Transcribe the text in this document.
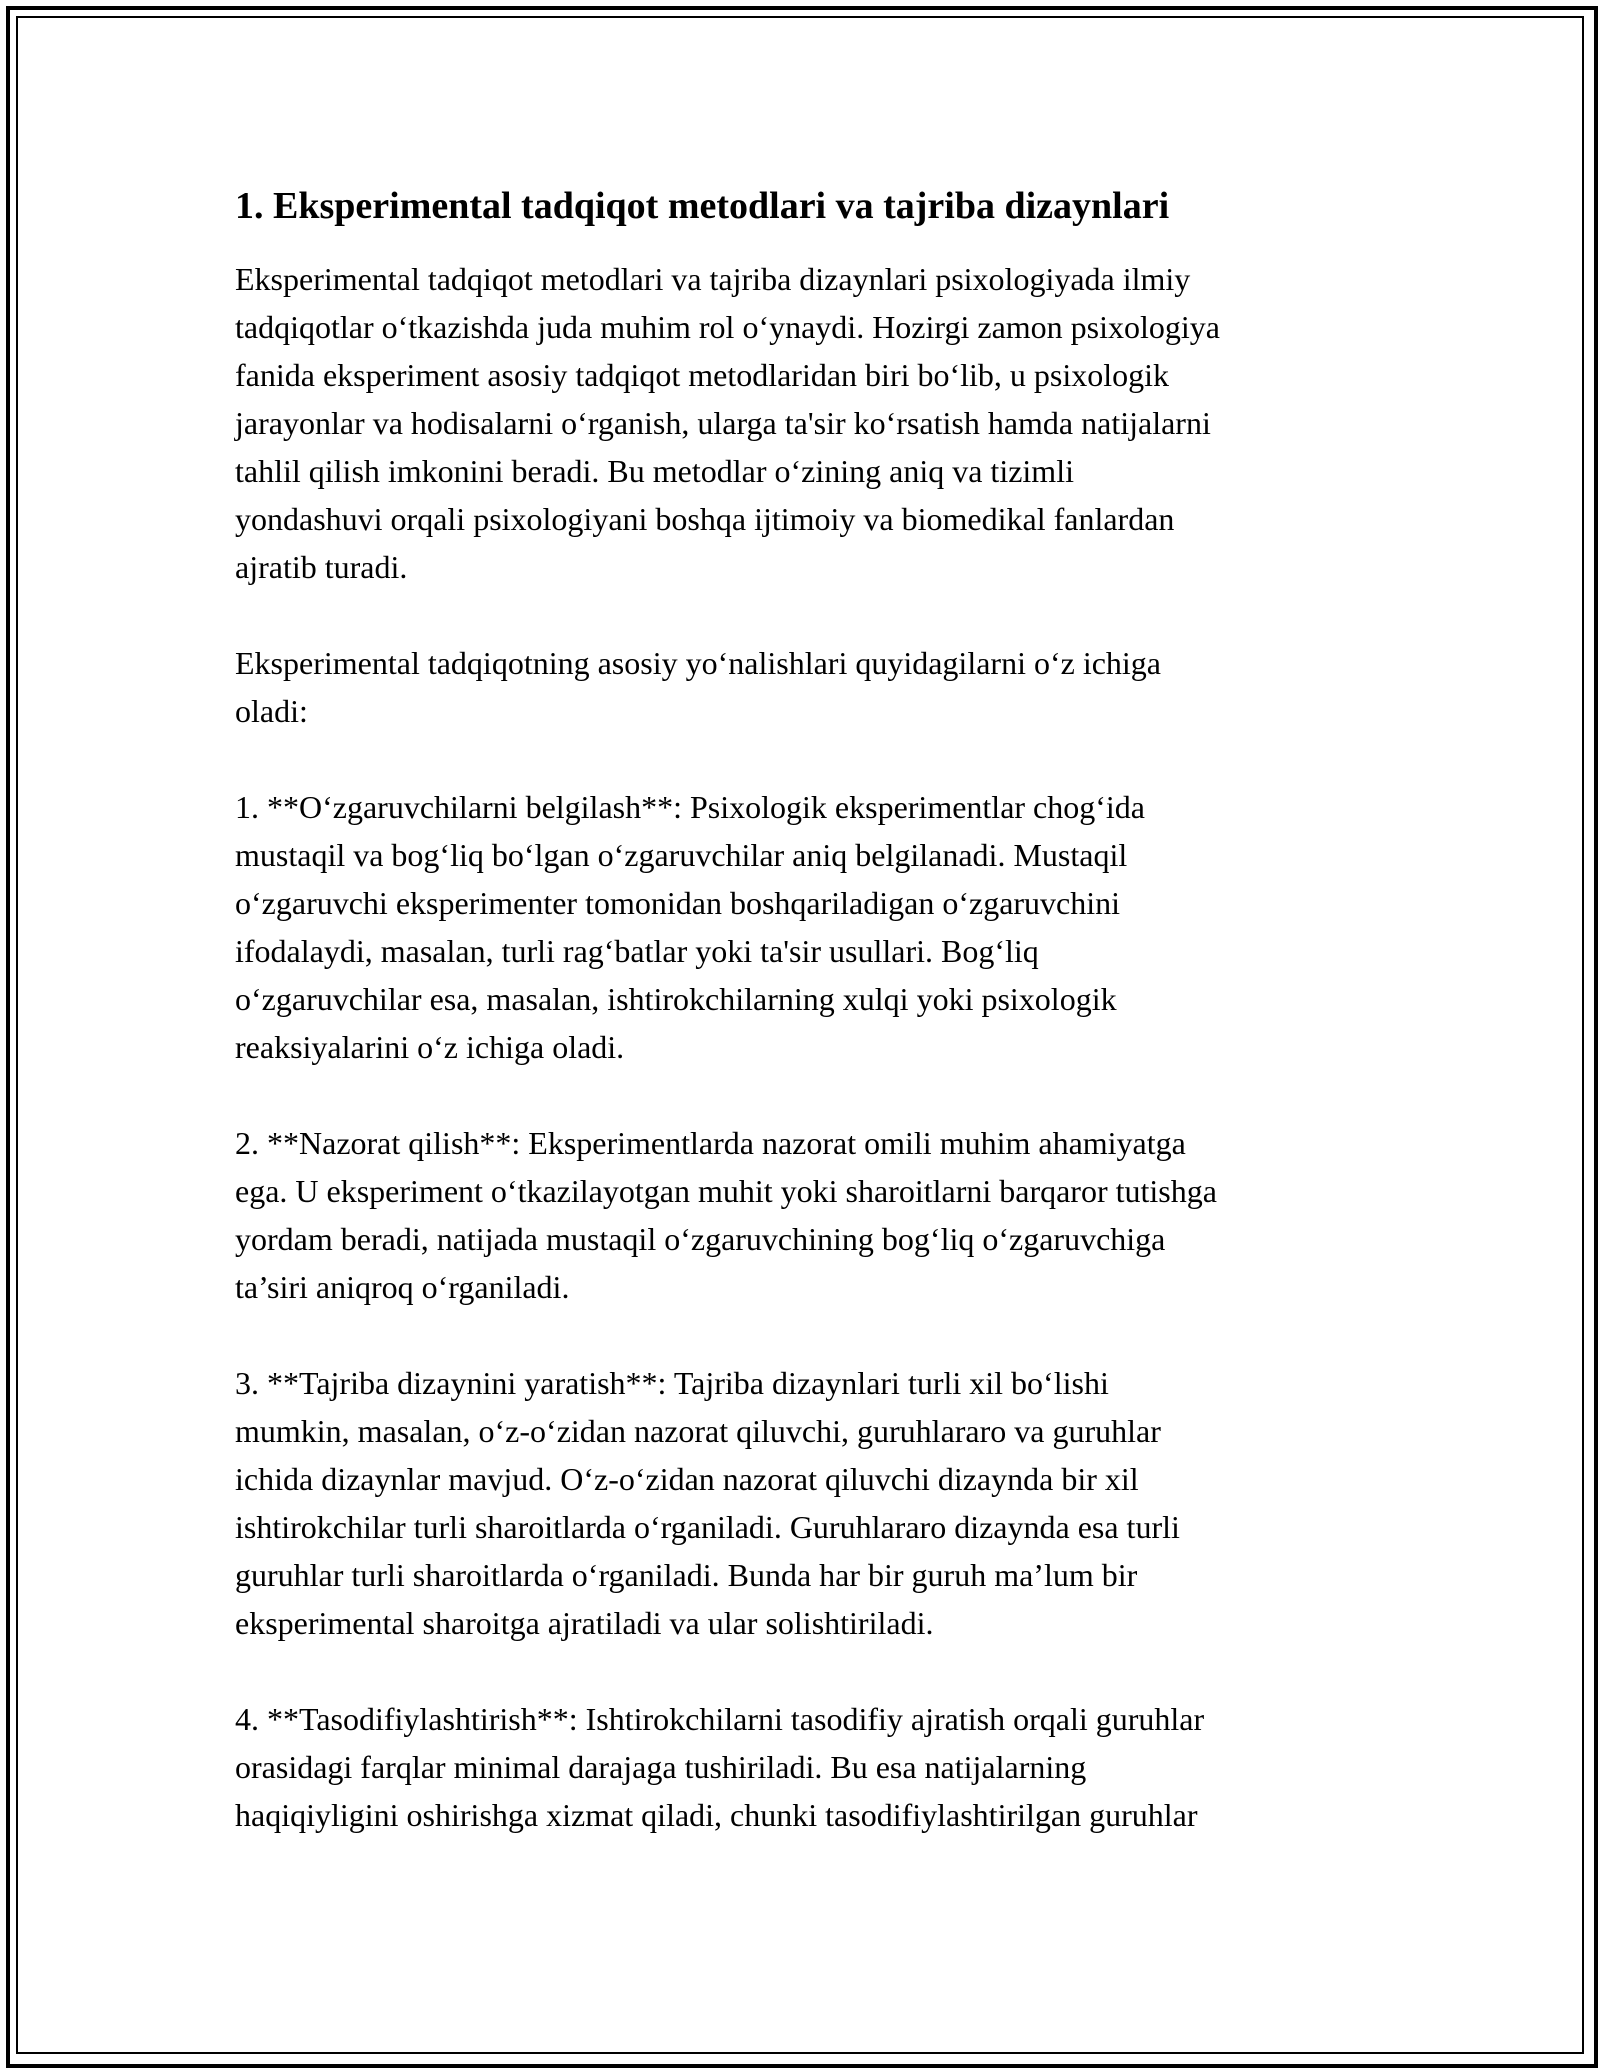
1. Eksperimental tadqiqot metodlari va tajriba dizaynlari

Eksperimental tadqiqot metodlari va tajriba dizaynlari psixologiyada ilmiy
tadqiqotlar o‘tkazishda juda muhim rol o‘ynaydi. Hozirgi zamon psixologiya
fanida eksperiment asosiy tadqiqot metodlaridan biri bo‘lib, u psixologik
jarayonlar va hodisalarni o‘rganish, ularga ta'sir ko‘rsatish hamda natijalarni
tahlil qilish imkonini beradi. Bu metodlar o‘zining aniq va tizimli
yondashuvi orqali psixologiyani boshqa ijtimoiy va biomedikal fanlardan
ajratib turadi.

Eksperimental tadqiqotning asosiy yo‘nalishlari quyidagilarni o‘z ichiga
oladi:

1. **O‘zgaruvchilarni belgilash**: Psixologik eksperimentlar chog‘ida
mustaqil va bog‘liq bo‘lgan o‘zgaruvchilar aniq belgilanadi. Mustaqil
o‘zgaruvchi eksperimenter tomonidan boshqariladigan o‘zgaruvchini
ifodalaydi, masalan, turli rag‘batlar yoki ta'sir usullari. Bog‘liq
o‘zgaruvchilar esa, masalan, ishtirokchilarning xulqi yoki psixologik
reaksiyalarini o‘z ichiga oladi.

2. **Nazorat qilish**: Eksperimentlarda nazorat omili muhim ahamiyatga
ega. U eksperiment o‘tkazilayotgan muhit yoki sharoitlarni barqaror tutishga
yordam beradi, natijada mustaqil o‘zgaruvchining bog‘liq o‘zgaruvchiga
ta’siri aniqroq o‘rganiladi.

3. **Tajriba dizaynini yaratish**: Tajriba dizaynlari turli xil bo‘lishi
mumkin, masalan, o‘z-o‘zidan nazorat qiluvchi, guruhlararo va guruhlar
ichida dizaynlar mavjud. O‘z-o‘zidan nazorat qiluvchi dizaynda bir xil
ishtirokchilar turli sharoitlarda o‘rganiladi. Guruhlararo dizaynda esa turli
guruhlar turli sharoitlarda o‘rganiladi. Bunda har bir guruh ma’lum bir
eksperimental sharoitga ajratiladi va ular solishtiriladi.

4. **Tasodifiylashtirish**: Ishtirokchilarni tasodifiy ajratish orqali guruhlar
orasidagi farqlar minimal darajaga tushiriladi. Bu esa natijalarning
haqiqiyligini oshirishga xizmat qiladi, chunki tasodifiylashtirilgan guruhlar
